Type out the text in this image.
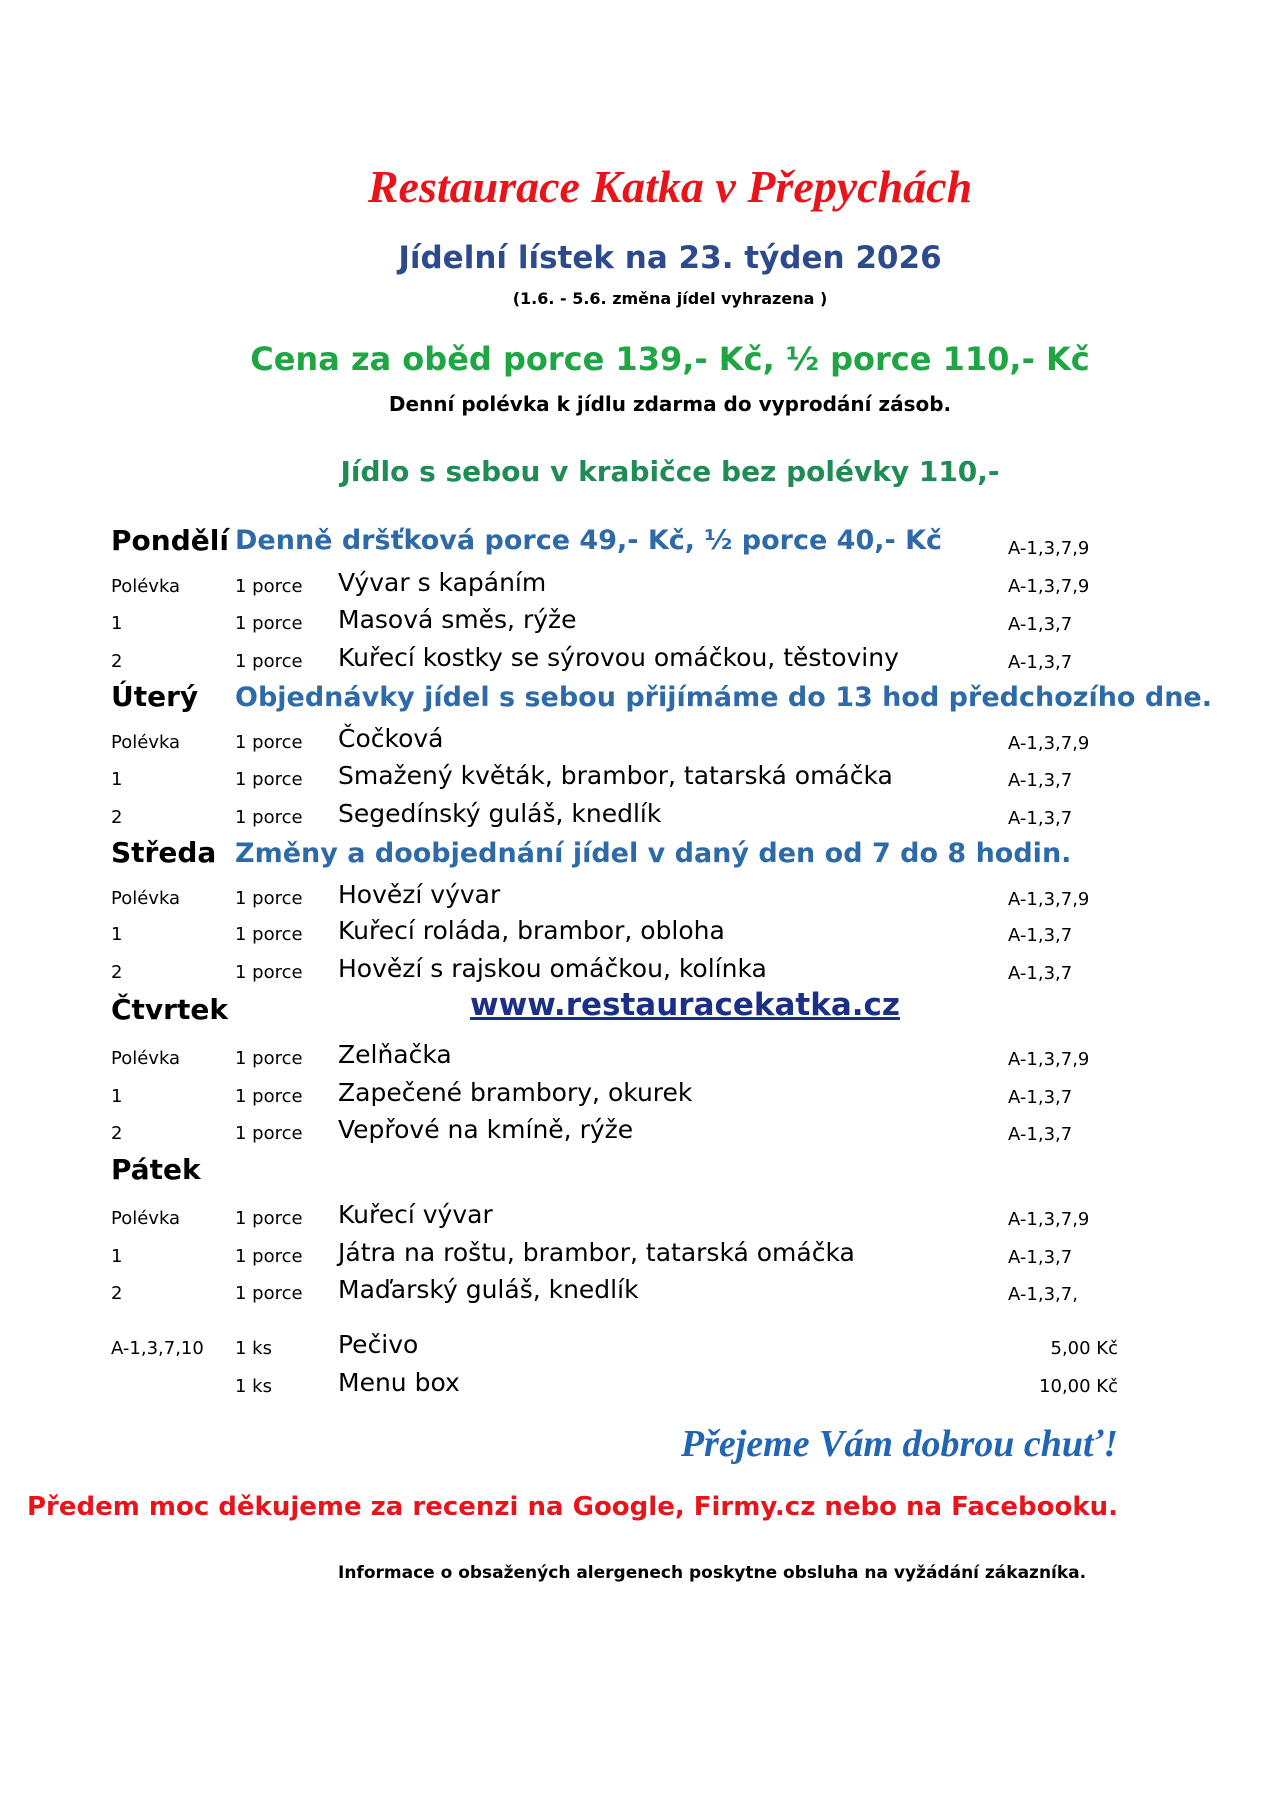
Restaurace Katka v Přepychách
Jídelní lístek na 23. týden 2026
(1.6. - 5.6. změna jídel vyhrazena )
Cena za oběd porce 139,- Kč, ½ porce 110,- Kč
Denní polévka k jídlu zdarma do vyprodání zásob.
Jídlo s sebou v krabičce bez polévky 110,-
Pondělí Denně dršťková porce 49,- Kč, ½ porce 40,- Kč	A-1,3,7,9
Polévka	1 porce Vývar s kapáním	A-1,3,7,9
1	1 porce Masová směs, rýže	A-1,3,7
2	1 porce Kuřecí kostky se sýrovou omáčkou, těstoviny	A-1,3,7
Úterý Objednávky jídel s sebou přijímáme do 13 hod předchozího dne.
Polévka	1 porce Čočková	A-1,3,7,9
1	1 porce Smažený květák, brambor, tatarská omáčka	A-1,3,7
2	1 porce Segedínský guláš, knedlík	A-1,3,7
Středa Změny a doobjednání jídel v daný den od 7 do 8 hodin.
Polévka	1 porce Hovězí vývar	A-1,3,7,9
1	1 porce Kuřecí roláda, brambor, obloha	A-1,3,7
2	1 porce Hovězí s rajskou omáčkou, kolínka	A-1,3,7
Čtvrtek	www.restauracekatka.cz
Polévka	1 porce Zelňačka	A-1,3,7,9
1	1 porce Zapečené brambory, okurek	A-1,3,7
2	1 porce Vepřové na kmíně, rýže	A-1,3,7
Pátek
Polévka	1 porce Kuřecí vývar	A-1,3,7,9
1	1 porce Játra na roštu, brambor, tatarská omáčka	A-1,3,7
2	1 porce Maďarský guláš, knedlík	A-1,3,7,
A-1,3,7,10 1 ks	Pečivo	5,00 Kč
1 ks	Menu box	10,00 Kč
Přejeme Vám dobrou chuť!
Předem moc děkujeme za recenzi na Google, Firmy.cz nebo na Facebooku.
Informace o obsažených alergenech poskytne obsluha na vyžádání zákazníka.
